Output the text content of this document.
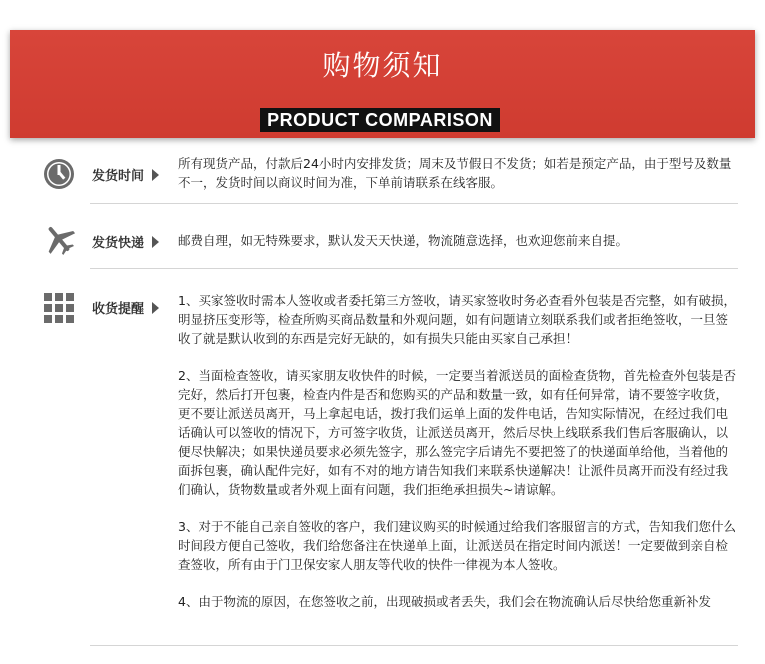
购物须知
PRODUCT COMPARISON
发货时间

所有现货产品，付款后24小时内安排发货；周末及节假日不发货；如若是预定产品，由于型号及数量不一，发货时间以商议时间为准，下单前请联系在线客服。

发货快递	邮费自理，如无特殊要求，默认发天天快递，物流随意选择，也欢迎您前来自提。

收货提醒

1、买家签收时需本人签收或者委托第三方签收，请买家签收时务必查看外包装是否完整，如有破损，明显挤压变形等，检查所购买商品数量和外观问题，如有问题请立刻联系我们或者拒绝签收，一旦签收了就是默认收到的东西是完好无缺的，如有损失只能由买家自己承担！

2、当面检查签收，请买家朋友收快件的时候，一定要当着派送员的面检查货物，首先检查外包装是否完好，然后打开包裹，检查内件是否和您购买的产品和数量一致，如有任何异常，请不要签字收货，更不要让派送员离开，马上拿起电话，拨打我们运单上面的发件电话，告知实际情况，在经过我们电话确认可以签收的情况下，方可签字收货，让派送员离开，然后尽快上线联系我们售后客服确认，以便尽快解决；如果快递员要求必须先签字，那么签完字后请先不要把签了的快递面单给他，当着他的面拆包裹，确认配件完好，如有不对的地方请告知我们来联系快递解决！让派件员离开而没有经过我们确认，货物数量或者外观上面有问题，我们拒绝承担损失~请谅解。

3、对于不能自己亲自签收的客户，我们建议购买的时候通过给我们客服留言的方式，告知我们您什么时间段方便自己签收，我们给您备注在快递单上面，让派送员在指定时间内派送！一定要做到亲自检查签收，所有由于门卫保安家人朋友等代收的快件一律视为本人签收。

4、由于物流的原因，在您签收之前，出现破损或者丢失，我们会在物流确认后尽快给您重新补发
